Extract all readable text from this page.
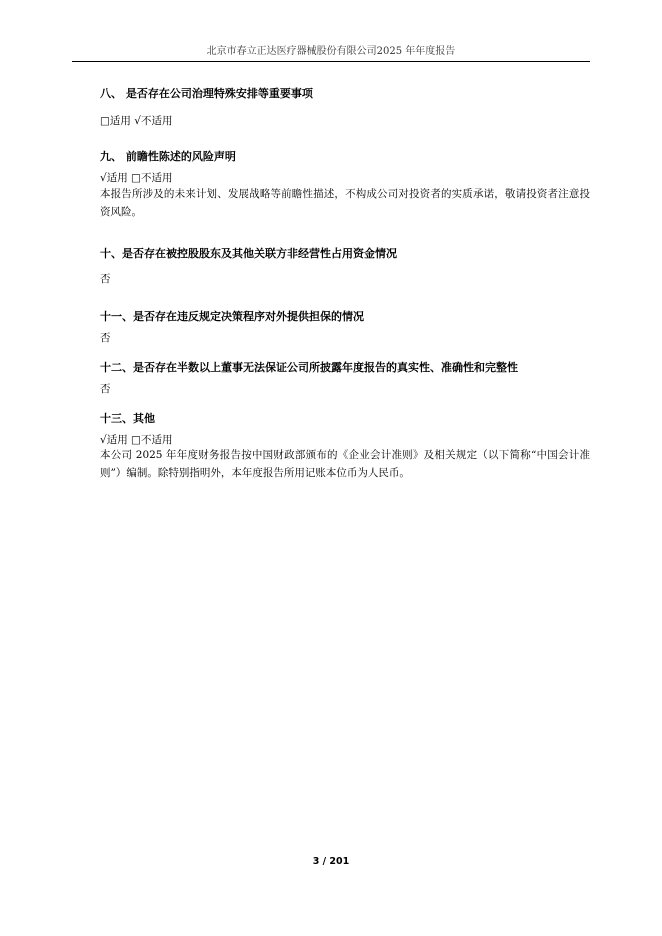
北京市春立正达医疗器械股份有限公司2025 年年度报告
八、 是否存在公司治理特殊安排等重要事项
□适用 √不适用
九、 前瞻性陈述的风险声明
√适用 □不适用
本报告所涉及的未来计划、发展战略等前瞻性描述，不构成公司对投资者的实质承诺，敬请投资者注意投资风险。
十、是否存在被控股股东及其他关联方非经营性占用资金情况
否
十一、是否存在违反规定决策程序对外提供担保的情况
否
十二、是否存在半数以上董事无法保证公司所披露年度报告的真实性、准确性和完整性
否
十三、其他
√适用 □不适用
本公司 2025 年年度财务报告按中国财政部颁布的《企业会计准则》及相关规定（以下简称“中国会计准则”）编制。除特别指明外，本年度报告所用记账本位币为人民币。
3 / 201
